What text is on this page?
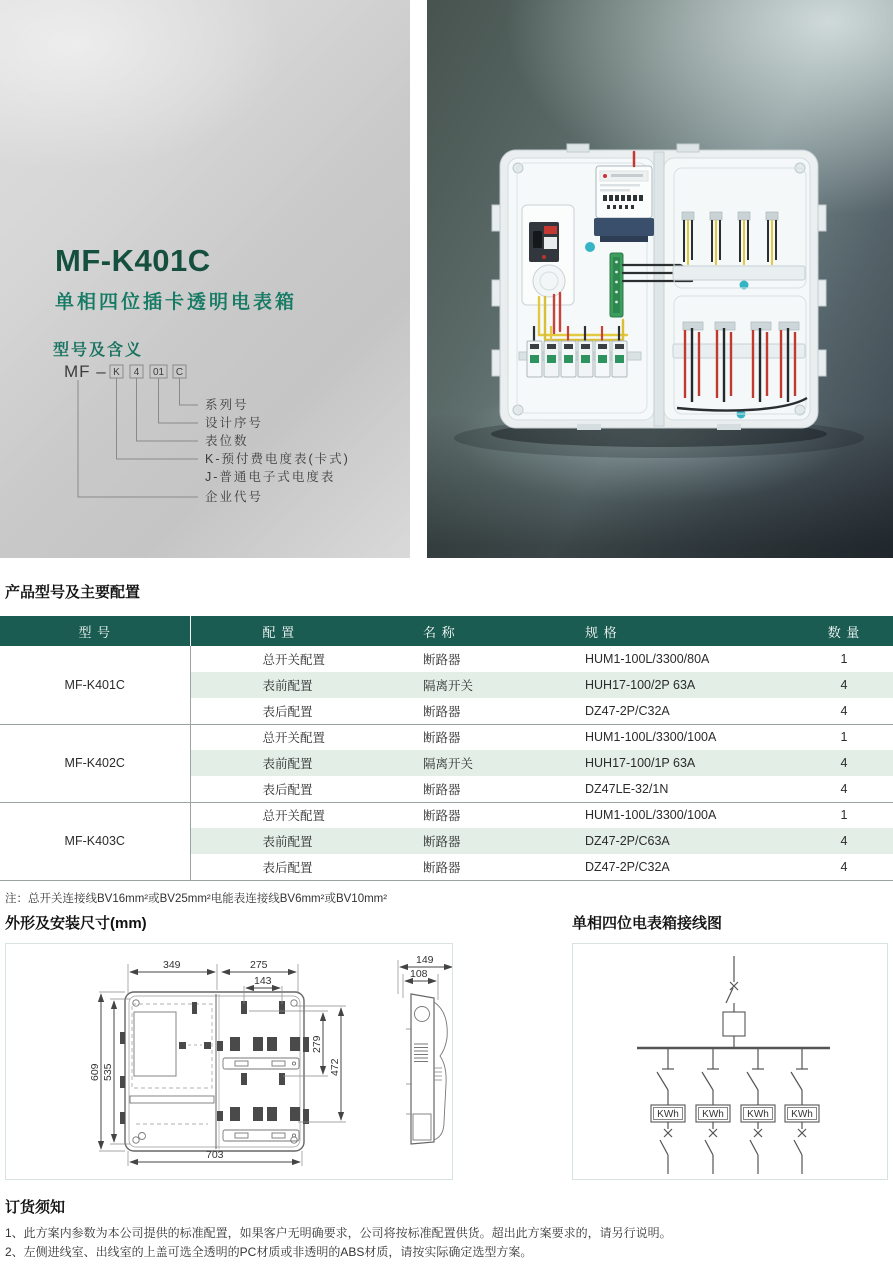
MF-K401C
单相四位插卡透明电表箱
型号及含义
MF – K 4 01 C
系列号
设计序号
表位数
K-预付费电度表(卡式)
J-普通电子式电度表
企业代号
产品型号及主要配置
型 号	配 置	名 称	规 格	数 量
MF-K401C	总开关配置	断路器	HUM1-100L/3300/80A	1
	表前配置	隔离开关	HUH17-100/2P 63A	4
	表后配置	断路器	DZ47-2P/C32A	4
MF-K402C	总开关配置	断路器	HUM1-100L/3300/100A	1
	表前配置	隔离开关	HUH17-100/1P 63A	4
	表后配置	断路器	DZ47LE-32/1N	4
MF-K403C	总开关配置	断路器	HUM1-100L/3300/100A	1
	表前配置	断路器	DZ47-2P/C63A	4
	表后配置	断路器	DZ47-2P/C32A	4

注：总开关连接线BV16mm²或BV25mm²电能表连接线BV6mm²或BV10mm²

外形及安装尺寸(mm)
349	275
143
609 535
279
472
703
149
108
单相四位电表箱接线图
KWh KWh KWh KWh
订货须知

1、此方案内参数为本公司提供的标准配置，如果客户无明确要求，公司将按标准配置供货。超出此方案要求的，请另行说明。

2、左侧进线室、出线室的上盖可选全透明的PC材质或非透明的ABS材质，请按实际确定选型方案。
